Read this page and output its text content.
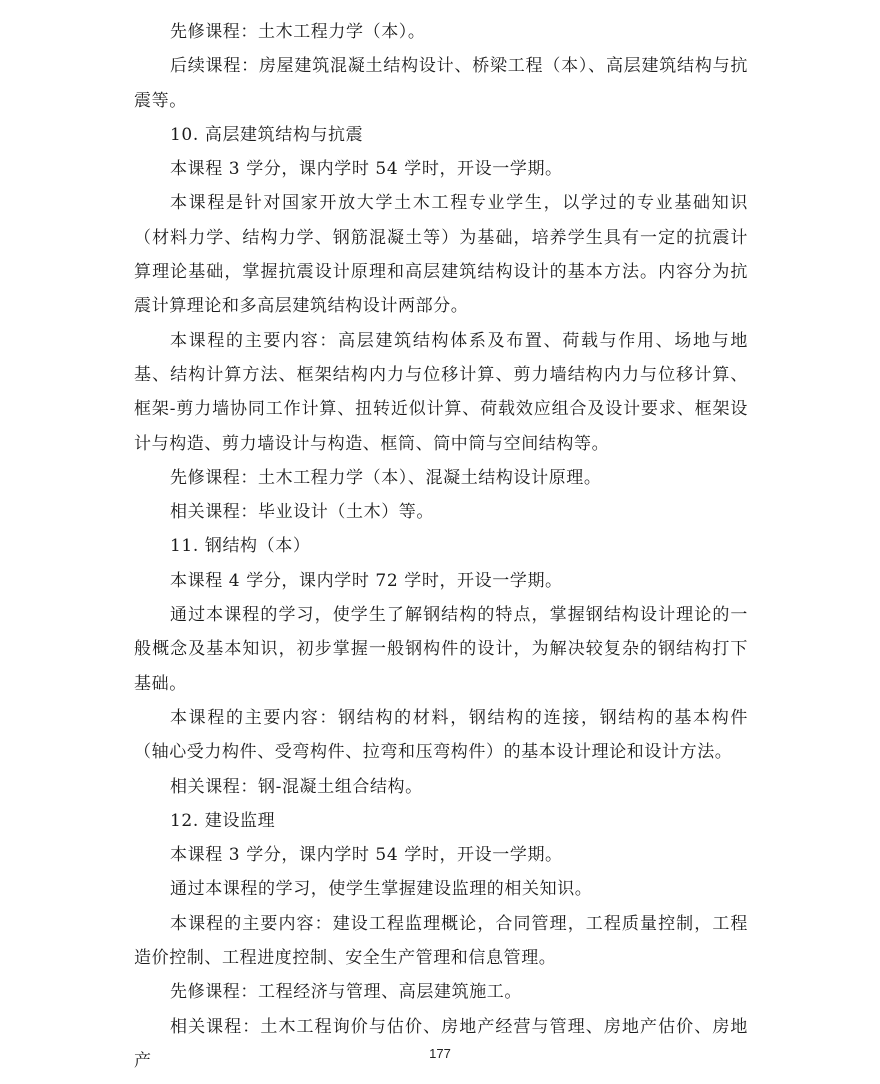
先修课程：土木工程力学（本）。

后续课程：房屋建筑混凝土结构设计、桥梁工程（本）、高层建筑结构与抗震等。

10. 高层建筑结构与抗震

本课程 3 学分，课内学时 54 学时，开设一学期。

本课程是针对国家开放大学土木工程专业学生，以学过的专业基础知识（材料力学、结构力学、钢筋混凝土等）为基础，培养学生具有一定的抗震计算理论基础，掌握抗震设计原理和高层建筑结构设计的基本方法。内容分为抗震计算理论和多高层建筑结构设计两部分。

本课程的主要内容：高层建筑结构体系及布置、荷载与作用、场地与地基、结构计算方法、框架结构内力与位移计算、剪力墙结构内力与位移计算、框架-剪力墙协同工作计算、扭转近似计算、荷载效应组合及设计要求、框架设计与构造、剪力墙设计与构造、框筒、筒中筒与空间结构等。

先修课程：土木工程力学（本）、混凝土结构设计原理。

相关课程：毕业设计（土木）等。

11. 钢结构（本）

本课程 4 学分，课内学时 72 学时，开设一学期。

通过本课程的学习，使学生了解钢结构的特点，掌握钢结构设计理论的一般概念及基本知识，初步掌握一般钢构件的设计，为解决较复杂的钢结构打下基础。

本课程的主要内容：钢结构的材料，钢结构的连接，钢结构的基本构件（轴心受力构件、受弯构件、拉弯和压弯构件）的基本设计理论和设计方法。

相关课程：钢-混凝土组合结构。

12. 建设监理

本课程 3 学分，课内学时 54 学时，开设一学期。

通过本课程的学习，使学生掌握建设监理的相关知识。

本课程的主要内容：建设工程监理概论，合同管理，工程质量控制，工程造价控制、工程进度控制、安全生产管理和信息管理。

先修课程：工程经济与管理、高层建筑施工。

相关课程：土木工程询价与估价、房地产经营与管理、房地产估价、房地产	177
